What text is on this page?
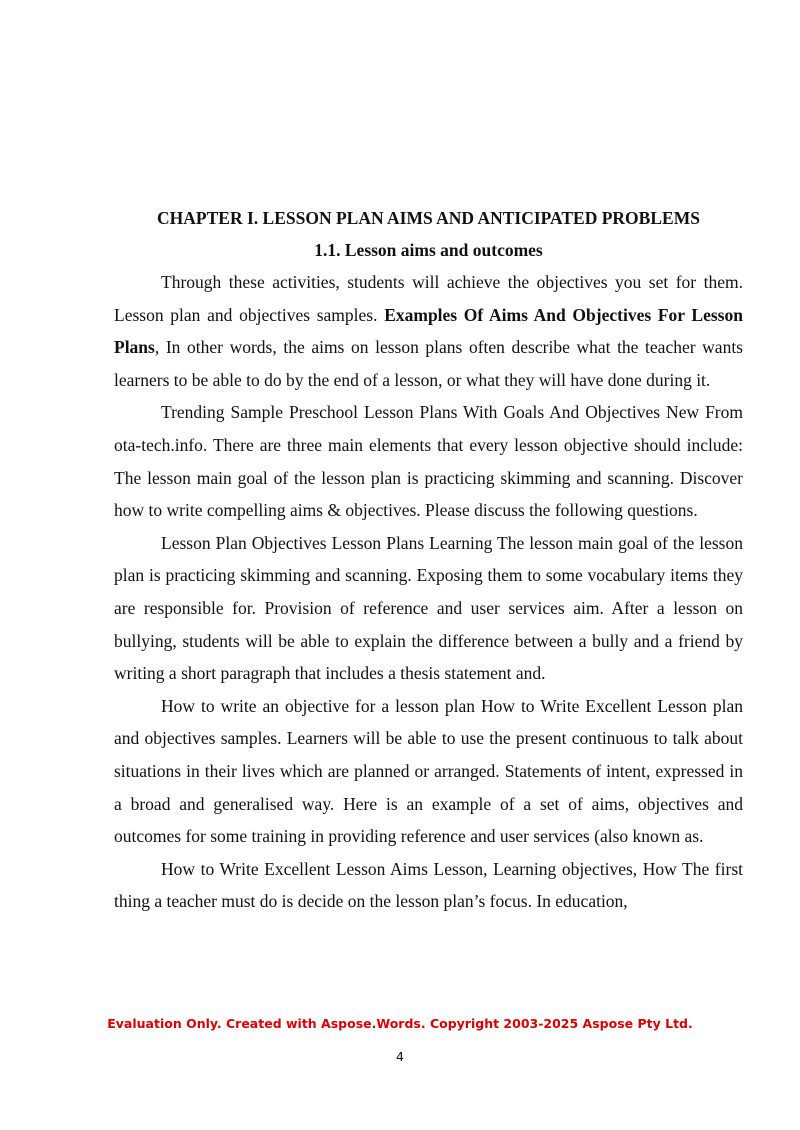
CHAPTER I. LESSON PLAN AIMS AND ANTICIPATED PROBLEMS

1.1. Lesson aims and outcomes

Through these activities, students will achieve the objectives you set for them. Lesson plan and objectives samples. Examples Of Aims And Objectives For Lesson Plans, In other words, the aims on lesson plans often describe what the teacher wants learners to be able to do by the end of a lesson, or what they will have done during it.

Trending Sample Preschool Lesson Plans With Goals And Objectives New From ota-tech.info. There are three main elements that every lesson objective should include: The lesson main goal of the lesson plan is practicing skimming and scanning. Discover how to write compelling aims & objectives. Please discuss the following questions.

Lesson Plan Objectives Lesson Plans Learning The lesson main goal of the lesson plan is practicing skimming and scanning. Exposing them to some vocabulary items they are responsible for. Provision of reference and user services aim. After a lesson on bullying, students will be able to explain the difference between a bully and a friend by writing a short paragraph that includes a thesis statement and.

How to write an objective for a lesson plan How to Write Excellent Lesson plan and objectives samples. Learners will be able to use the present continuous to talk about situations in their lives which are planned or arranged. Statements of intent, expressed in a broad and generalised way. Here is an example of a set of aims, objectives and outcomes for some training in providing reference and user services (also known as.

How to Write Excellent Lesson Aims Lesson, Learning objectives, How The first thing a teacher must do is decide on the lesson plan’s focus. In education,

Evaluation Only. Created with Aspose.Words. Copyright 2003-2025 Aspose Pty Ltd.
4
